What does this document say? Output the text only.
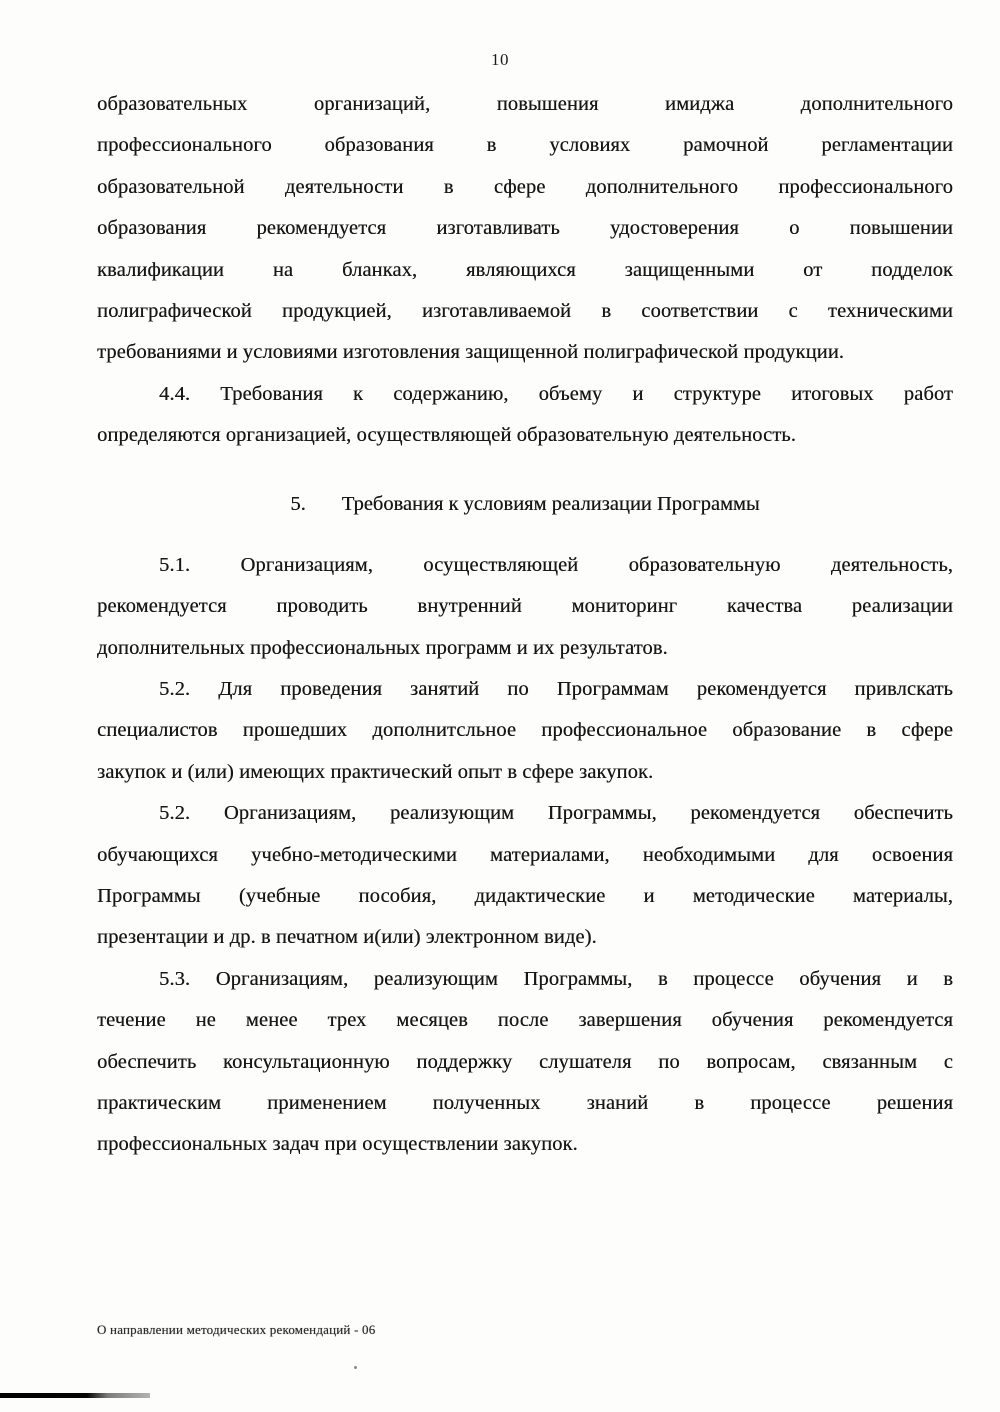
10
образовательных организаций, повышения имиджа дополнительного
профессионального образования в условиях рамочной регламентации
образовательной деятельности в сфере дополнительного профессионального
образования рекомендуется изготавливать удостоверения о повышении
квалификации на бланках, являющихся защищенными от подделок
полиграфической продукцией, изготавливаемой в соответствии с техническими
требованиями и условиями изготовления защищенной полиграфической продукции.
4.4. Требования к содержанию, объему и структуре итоговых работ
определяются организацией, осуществляющей образовательную деятельность.
5. Требования к условиям реализации Программы
5.1. Организациям, осуществляющей образовательную деятельность,
рекомендуется проводить внутренний мониторинг качества реализации
дополнительных профессиональных программ и их результатов.
5.2. Для проведения занятий по Программам рекомендуется привлскать
специалистов прошедших дополнитсльное профессиональное образование в сфере
закупок и (или) имеющих практический опыт в сфере закупок.
5.2. Организациям, реализующим Программы, рекомендуется обеспечить
обучающихся учебно-методическими материалами, необходимыми для освоения
Программы (учебные пособия, дидактические и методические материалы,
презентации и др. в печатном и(или) электронном виде).
5.3. Организациям, реализующим Программы, в процессе обучения и в
течение не менее трех месяцев после завершения обучения рекомендуется
обеспечить консультационную поддержку слушателя по вопросам, связанным с
практическим применением полученных знаний в процессе решения
профессиональных задач при осуществлении закупок.
О направлении методических рекомендаций - 06
